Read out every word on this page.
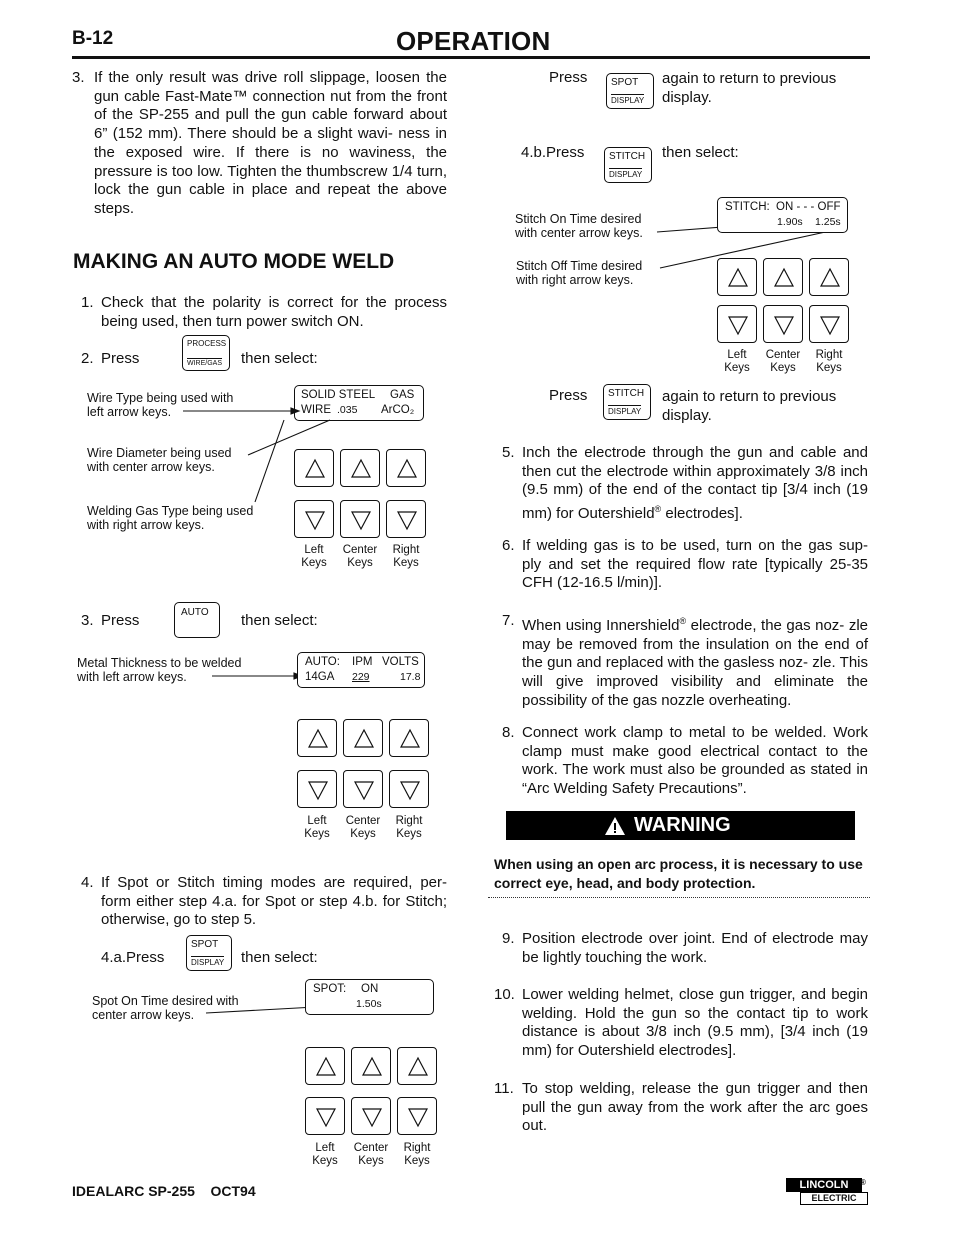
B-12	OPERATION
3. If the only result was drive roll slippage, loosen the gun cable Fast-Mate™ connection nut from the front of the SP-255 and pull the gun cable forward about 6” (152 mm). There should be a slight wavi- ness in the exposed wire. If there is no waviness, the pressure is too low. Tighten the thumbscrew 1/4 turn, lock the gun cable in place and repeat the above steps.
MAKING AN AUTO MODE WELD
1. Check that the polarity is correct for the process being used, then turn power switch ON.
2. Press
PROCESS
WIRE/GAS then select:
SOLID STEEL GAS
WIRE .035 ArCO₂
Wire Type being used with
left arrow keys.
Wire Diameter being used
with center arrow keys.
Welding Gas Type being used
with right arrow keys.
Left
Keys
Center
Keys
Right
Keys
3. Press	AUTO then select:
AUTO: IPM VOLTS
14GA 229	17.8
Metal Thickness to be welded
with left arrow keys.
Left
Keys
Center
Keys
Right
Keys
4. If Spot or Stitch timing modes are required, per- form either step 4.a. for Spot or step 4.b. for Stitch; otherwise, go to step 5.
4.a.Press
SPOT
DISPLAY then select:
SPOT: ON
1.50s
Spot On Time desired with
center arrow keys.
Left
Keys
Center
Keys
Right
Keys
Press SPOT
DISPLAY
again to return to previous
display.
4.b.Press STITCH
DISPLAY
then select:
STITCH: ON - - - OFF
1.90s 1.25s
Stitch On Time desired
with center arrow keys.
Stitch Off Time desired
with right arrow keys.
Left
Keys
Center
Keys
Right
Keys
Press STITCH
DISPLAY
again to return to previous
display.
5. Inch the electrode through the gun and cable and then cut the electrode within approximately 3/8 inch (9.5 mm) of the end of the contact tip [3/4 inch (19 mm) for Outershield® electrodes].
6. If welding gas is to be used, turn on the gas sup- ply and set the required flow rate [typically 25-35 CFH (12-16.5 l/min)].
7. When using Innershield® electrode, the gas noz- zle may be removed from the insulation on the end of the gun and replaced with the gasless noz- zle. This will give improved visibility and eliminate the possibility of the gas nozzle overheating.
8. Connect work clamp to metal to be welded. Work clamp must make good electrical contact to the work. The work must also be grounded as stated in “Arc Welding Safety Precautions”.
WARNING
When using an open arc process, it is necessary to use correct eye, head, and body protection.
9. Position electrode over joint. End of electrode may be lightly touching the work.
10. Lower welding helmet, close gun trigger, and begin welding. Hold the gun so the contact tip to work distance is about 3/8 inch (9.5 mm), [3/4 inch (19 mm) for Outershield electrodes].
11. To stop welding, release the gun trigger and then pull the gun away from the work after the arc goes out.
IDEALARC SP-255 OCT94	LINCOLN	®
ELECTRIC
